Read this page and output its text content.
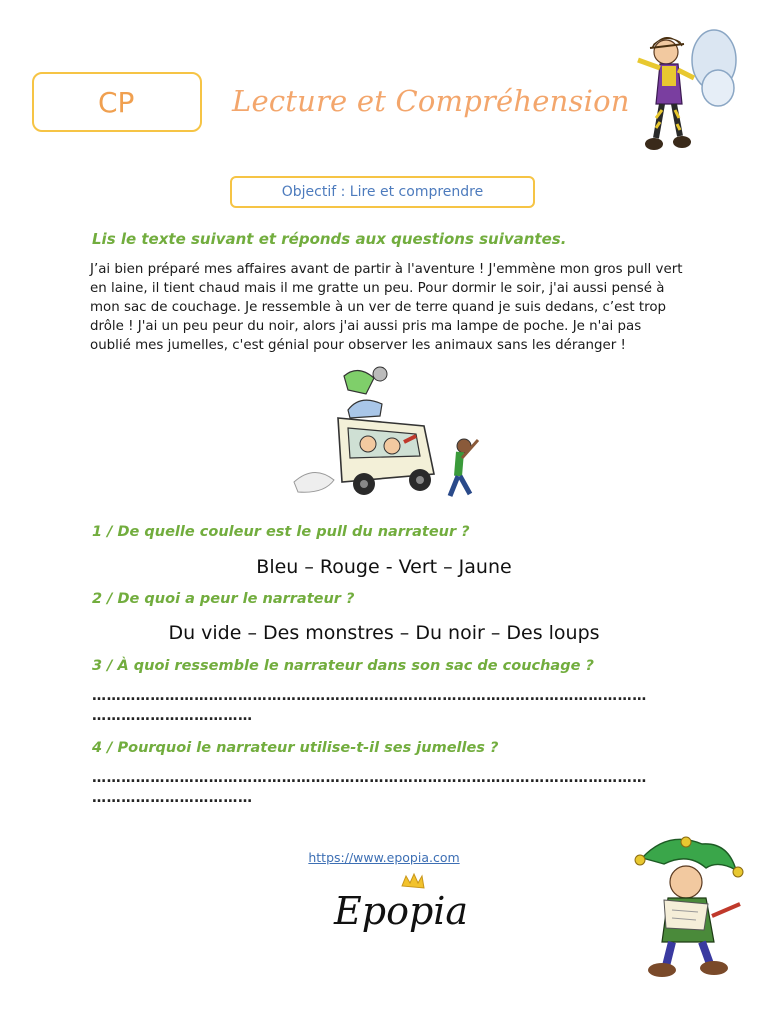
CP	Lecture et Compréhension
Objectif : Lire et comprendre
Lis le texte suivant et réponds aux questions suivantes.

J’ai bien préparé mes affaires avant de partir à l'aventure ! J'emmène mon gros pull vert en laine, il tient chaud mais il me gratte un peu. Pour dormir le soir, j'ai aussi pensé à mon sac de couchage. Je ressemble à un ver de terre quand je suis dedans, c’est trop drôle ! J'ai un peu peur du noir, alors j'ai aussi pris ma lampe de poche. Je n'ai pas oublié mes jumelles, c'est génial pour observer les animaux sans les déranger !

1 / De quelle couleur est le pull du narrateur ?
Bleu – Rouge - Vert – Jaune
2 / De quoi a peur le narrateur ?
Du vide – Des monstres – Du noir – Des loups
3 / À quoi ressemble le narrateur dans son sac de couchage ?
……………………………………………………………………………………………………
……………………………
4 / Pourquoi le narrateur utilise-t-il ses jumelles ?
……………………………………………………………………………………………………
……………………………
https://www.epopia.com
Epopia
